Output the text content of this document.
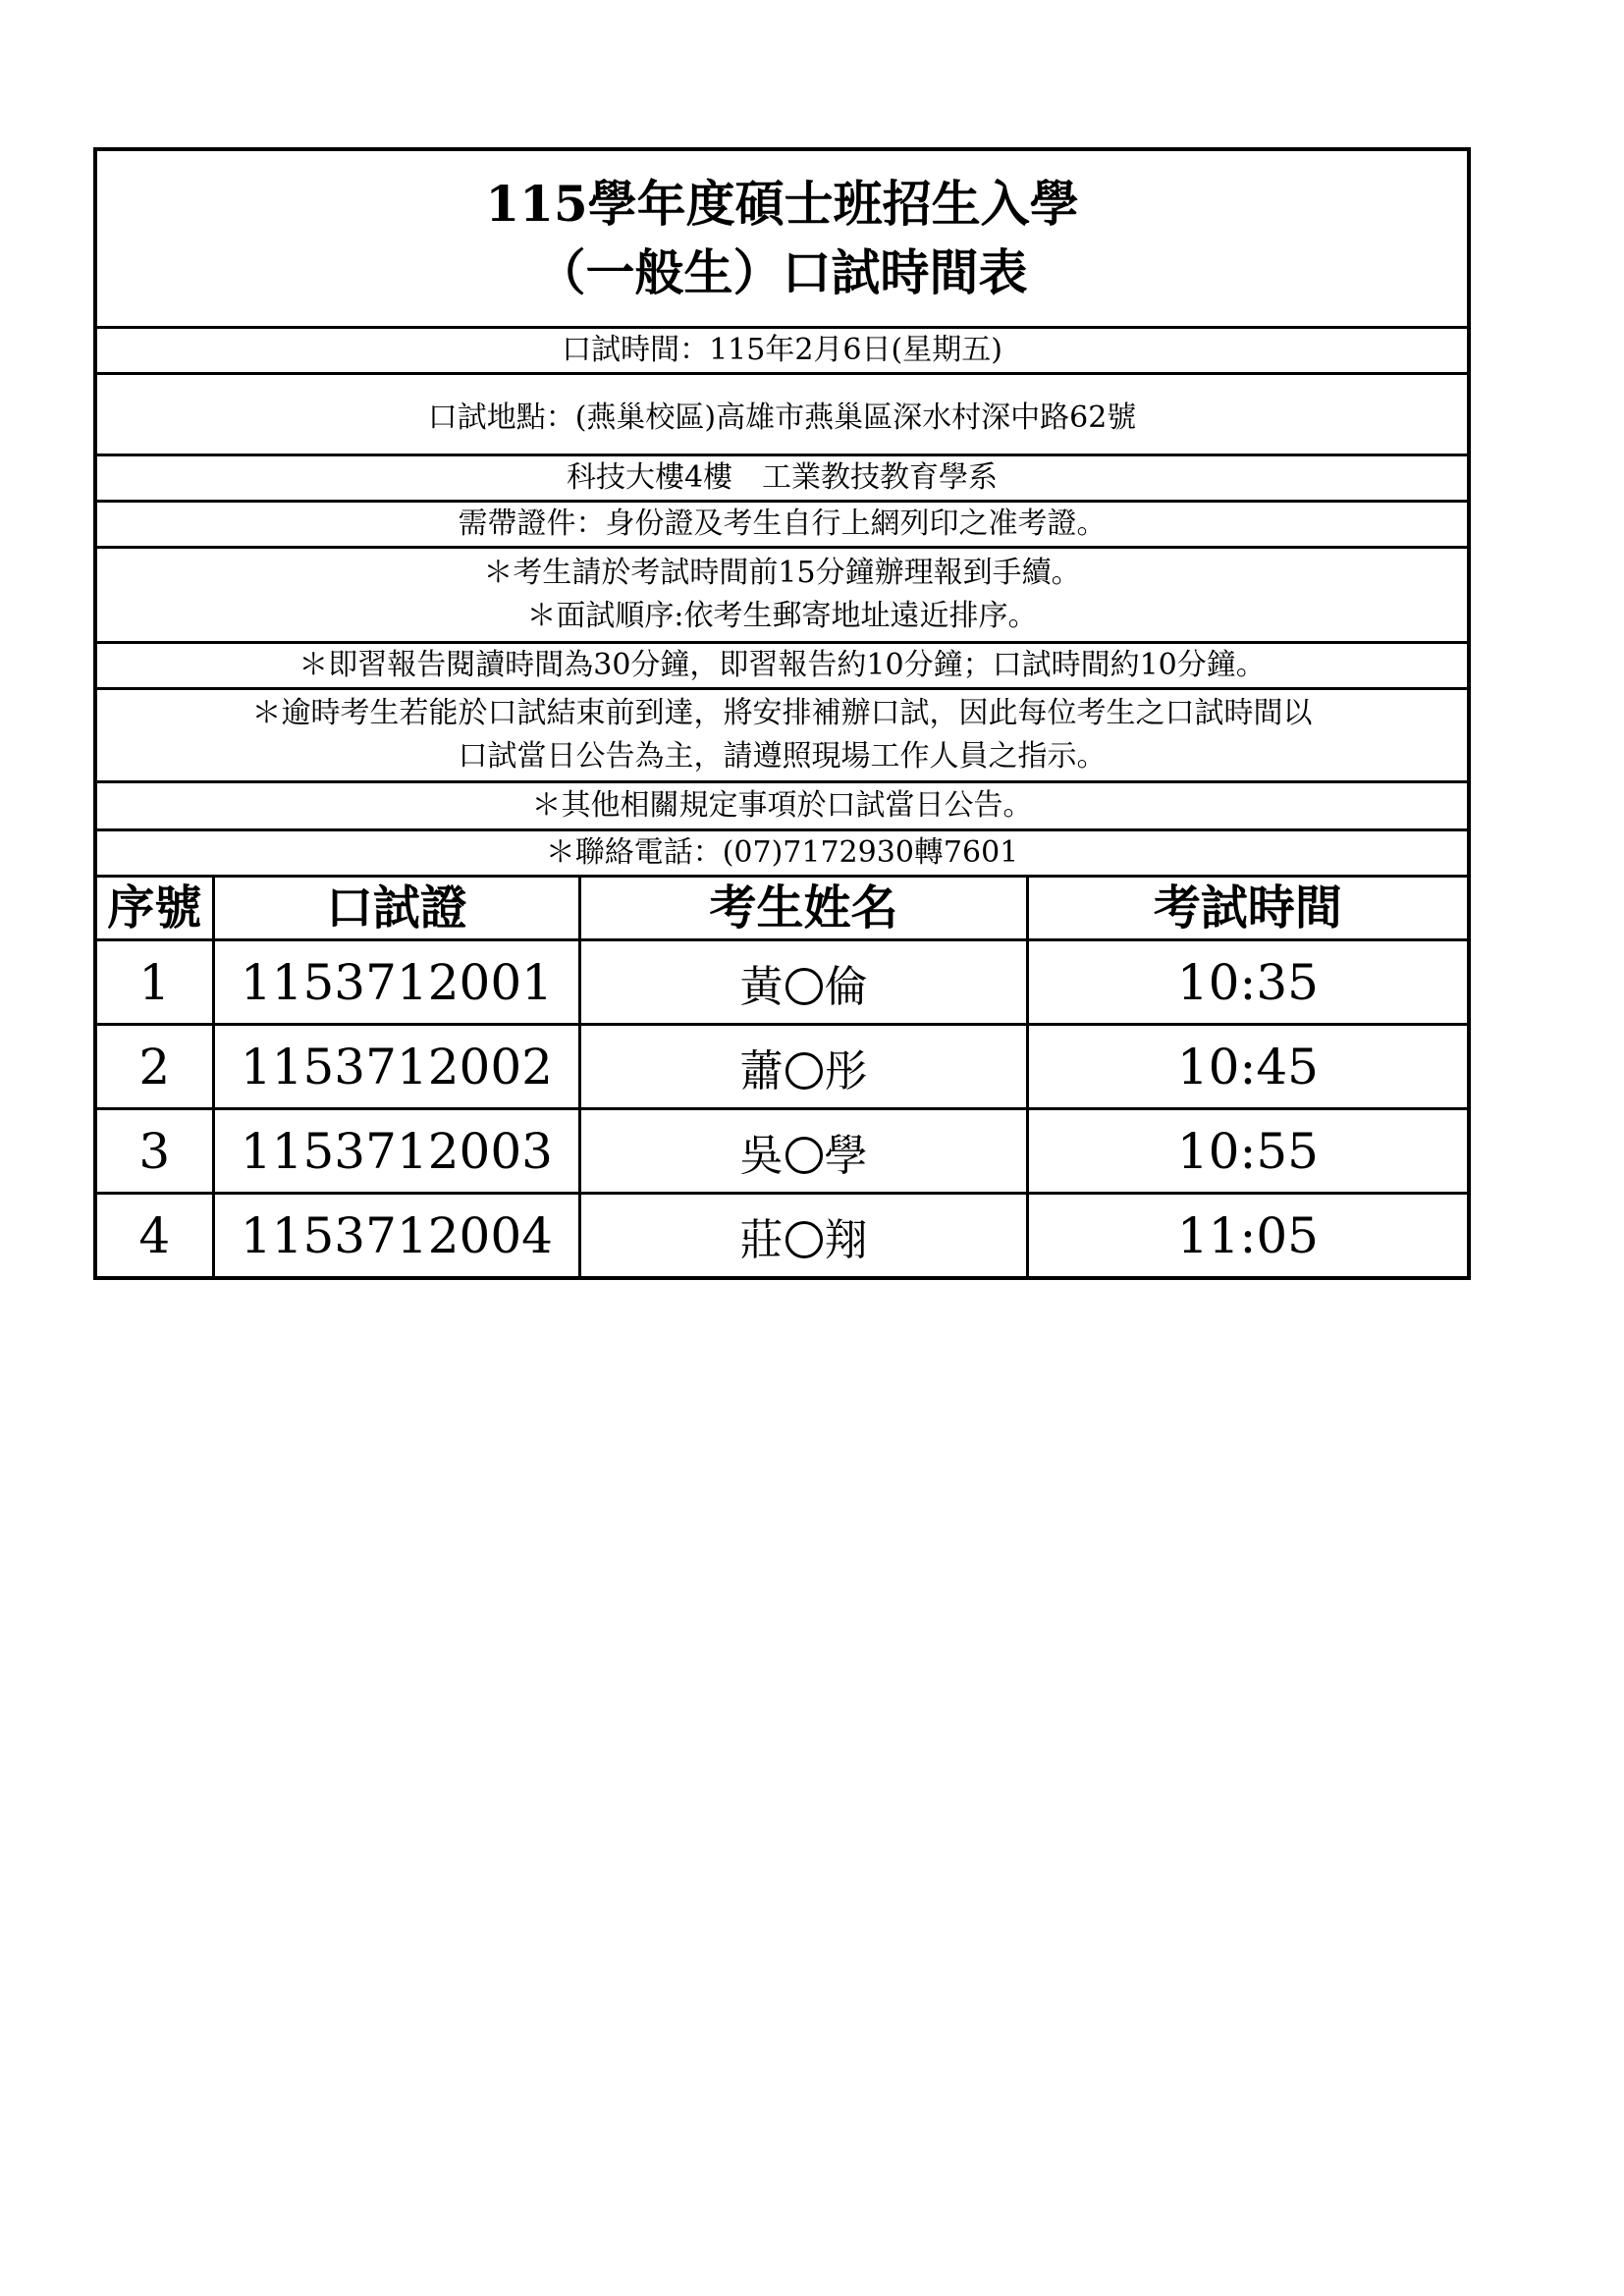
115學年度碩士班招生入學
（一般生）口試時間表			

口試時間：115年2月6日(星期五)			
口試地點：(燕巢校區)高雄市燕巢區深水村深中路62號			
科技大樓4樓　工業教技教育學系			
需帶證件：身份證及考生自行上網列印之准考證。			

＊考生請於考試時間前15分鐘辦理報到手續。
＊面試順序:依考生郵寄地址遠近排序。			

＊即習報告閱讀時間為30分鐘，即習報告約10分鐘；口試時間約10分鐘。			

＊逾時考生若能於口試結束前到達，將安排補辦口試，因此每位考生之口試時間以
口試當日公告為主，請遵照現場工作人員之指示。			

＊其他相關規定事項於口試當日公告。			
＊聯絡電話：(07)7172930轉7601			
序號	口試證	考生姓名	考試時間
1	1153712001	黃 倫	10:35
2	1153712002	蕭 彤	10:45
3	1153712003	吳 學	10:55
4	1153712004	莊 翔	11:05
